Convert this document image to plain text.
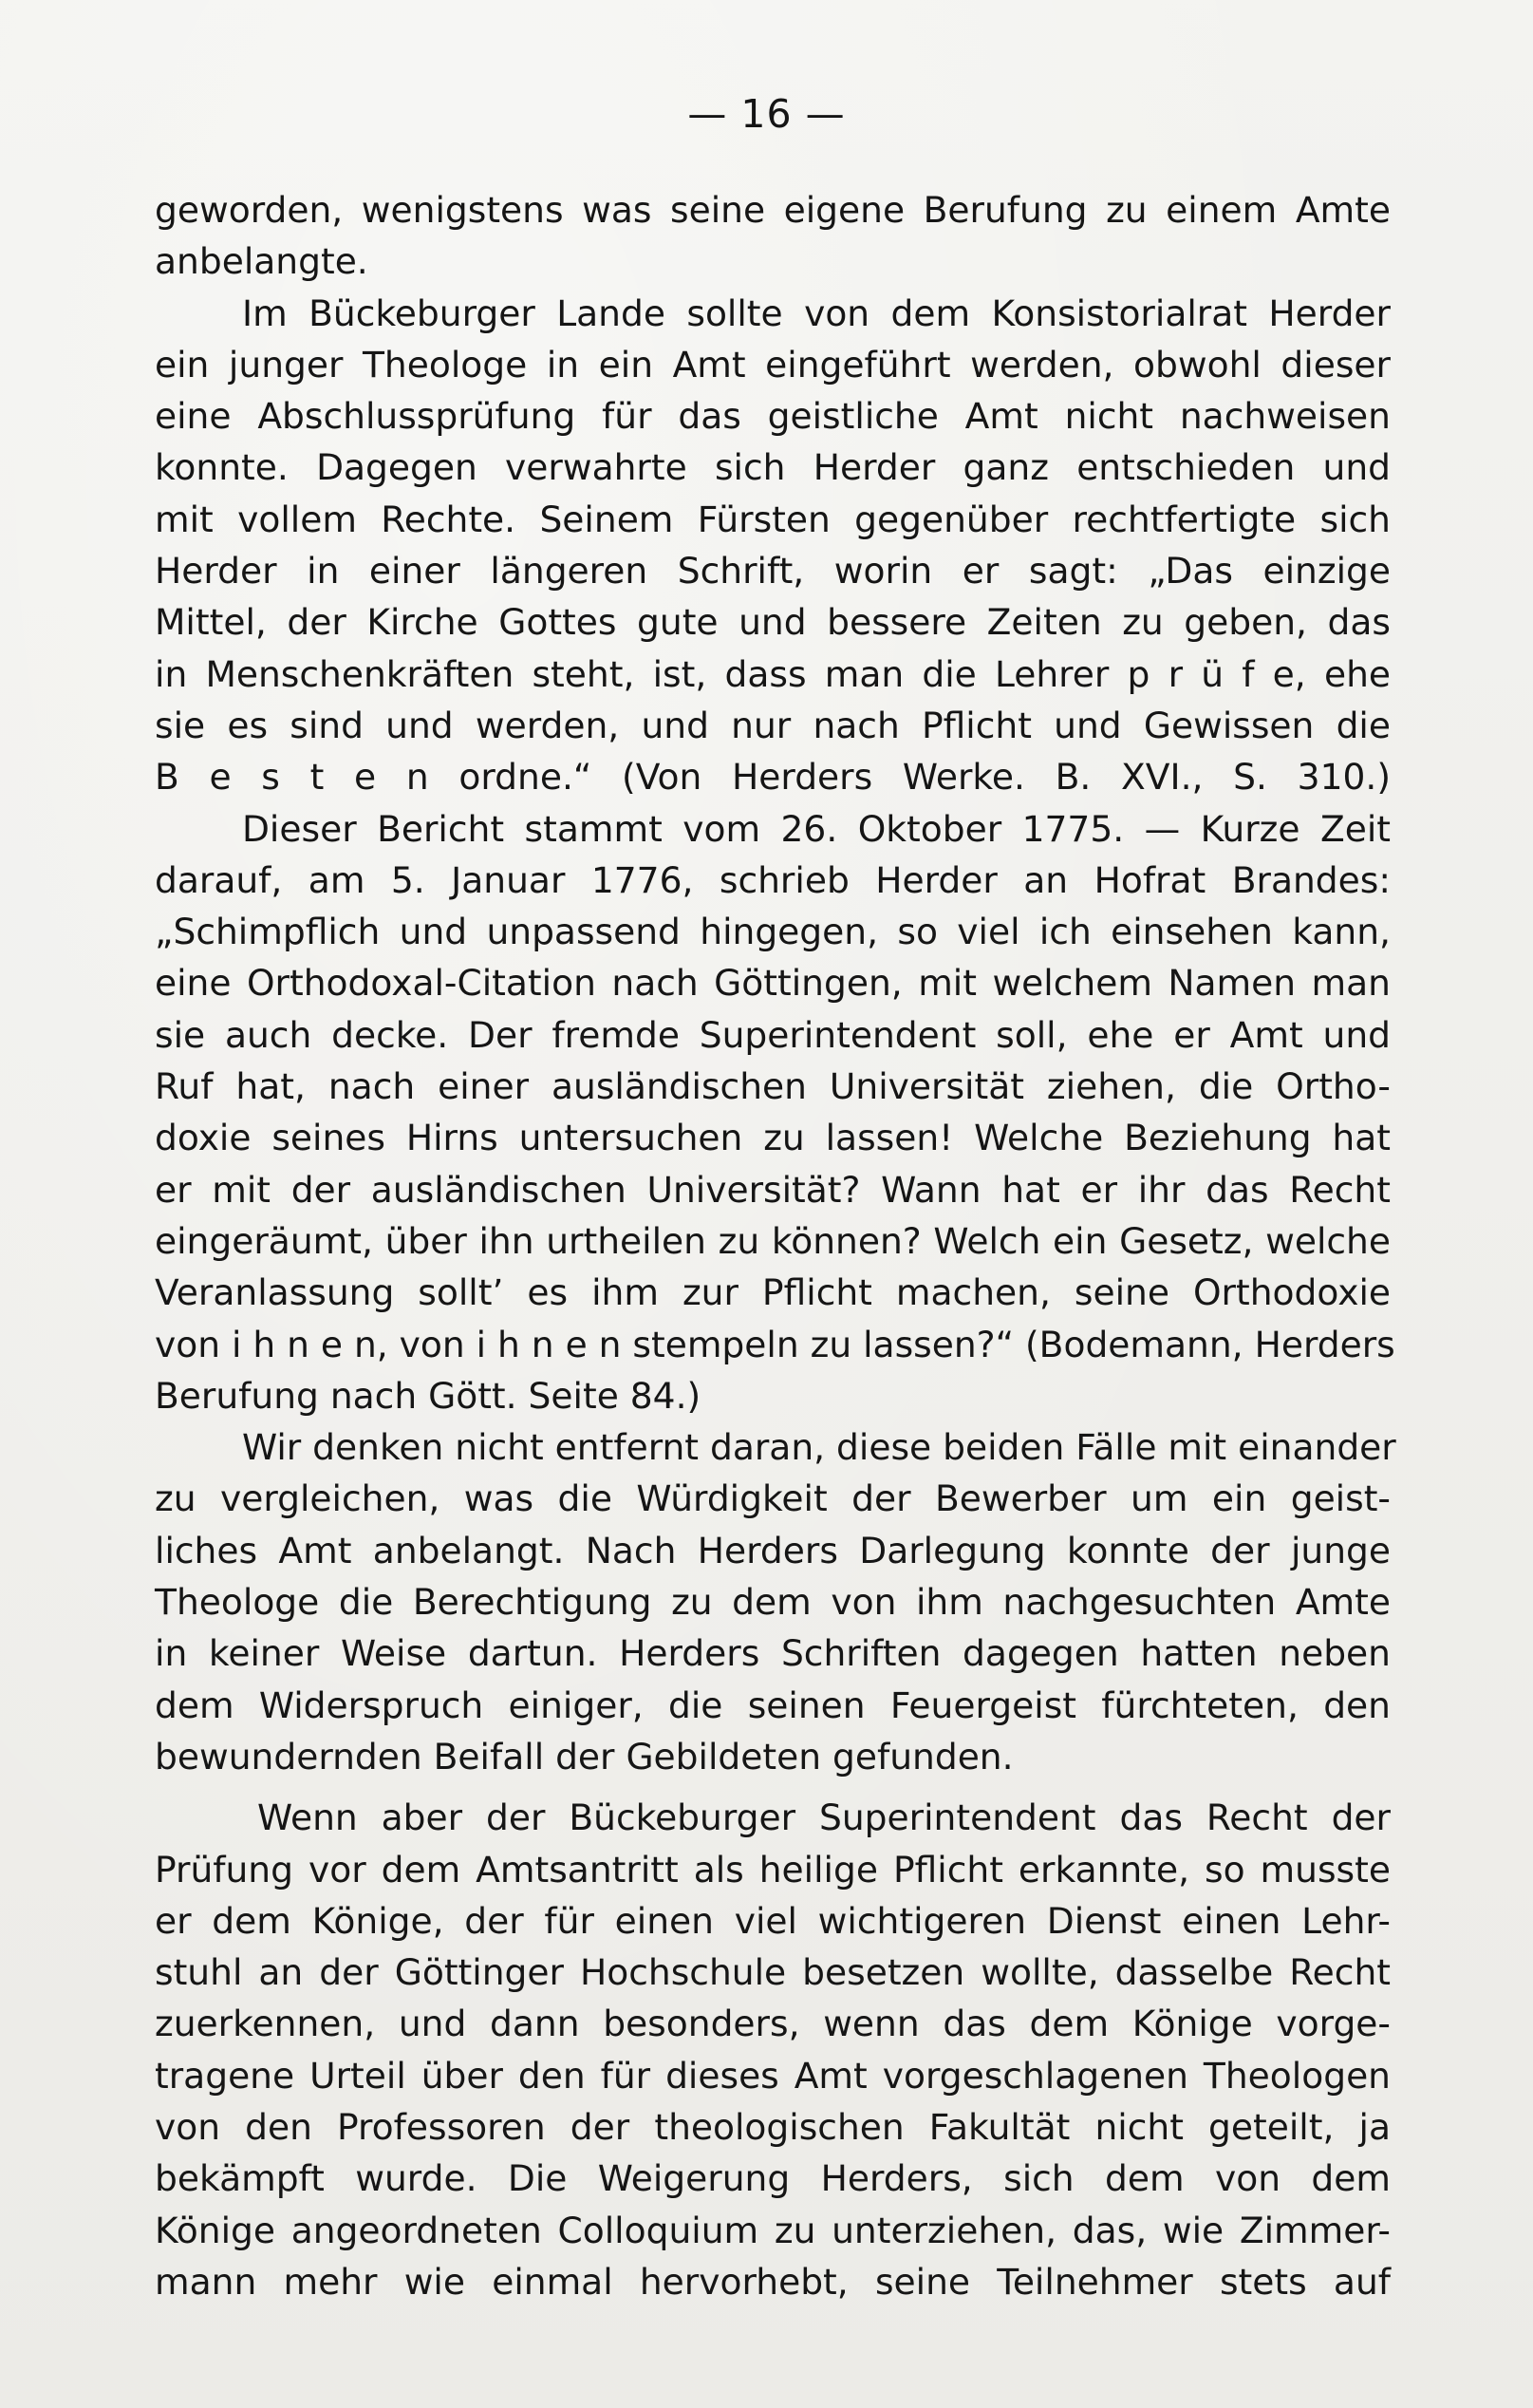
— 16 —
geworden, wenigstens was seine eigene Berufung zu einem Amte
anbelangte.
Im Bückeburger Lande sollte von dem Konsistorialrat Herder
ein junger Theologe in ein Amt eingeführt werden, obwohl dieser
eine Abschlussprüfung für das geistliche Amt nicht nachweisen
konnte. Dagegen verwahrte sich Herder ganz entschieden und
mit vollem Rechte. Seinem Fürsten gegenüber rechtfertigte sich
Herder in einer längeren Schrift, worin er sagt: „Das einzige
Mittel, der Kirche Gottes gute und bessere Zeiten zu geben, das
in Menschenkräften steht, ist, dass man die Lehrer p r ü f e, ehe
sie es sind und werden, und nur nach Pflicht und Gewissen die
B e s t e n ordne.“ (Von Herders Werke. B. XVI., S. 310.)
Dieser Bericht stammt vom 26. Oktober 1775. — Kurze Zeit
darauf, am 5. Januar 1776, schrieb Herder an Hofrat Brandes:
„Schimpflich und unpassend hingegen, so viel ich einsehen kann,
eine Orthodoxal-Citation nach Göttingen, mit welchem Namen man
sie auch decke. Der fremde Superintendent soll, ehe er Amt und
Ruf hat, nach einer ausländischen Universität ziehen, die Ortho-
doxie seines Hirns untersuchen zu lassen! Welche Beziehung hat
er mit der ausländischen Universität? Wann hat er ihr das Recht
eingeräumt, über ihn urtheilen zu können? Welch ein Gesetz, welche
Veranlassung sollt’ es ihm zur Pflicht machen, seine Orthodoxie
von i h n e n, von i h n e n stempeln zu lassen?“ (Bodemann, Herders
Berufung nach Gött. Seite 84.)
Wir denken nicht entfernt daran, diese beiden Fälle mit einander
zu vergleichen, was die Würdigkeit der Bewerber um ein geist-
liches Amt anbelangt. Nach Herders Darlegung konnte der junge
Theologe die Berechtigung zu dem von ihm nachgesuchten Amte
in keiner Weise dartun. Herders Schriften dagegen hatten neben
dem Widerspruch einiger, die seinen Feuergeist fürchteten, den
bewundernden Beifall der Gebildeten gefunden.
Wenn aber der Bückeburger Superintendent das Recht der
Prüfung vor dem Amtsantritt als heilige Pflicht erkannte, so musste
er dem Könige, der für einen viel wichtigeren Dienst einen Lehr-
stuhl an der Göttinger Hochschule besetzen wollte, dasselbe Recht
zuerkennen, und dann besonders, wenn das dem Könige vorge-
tragene Urteil über den für dieses Amt vorgeschlagenen Theologen
von den Professoren der theologischen Fakultät nicht geteilt, ja
bekämpft wurde. Die Weigerung Herders, sich dem von dem
Könige angeordneten Colloquium zu unterziehen, das, wie Zimmer-
mann mehr wie einmal hervorhebt, seine Teilnehmer stets auf
